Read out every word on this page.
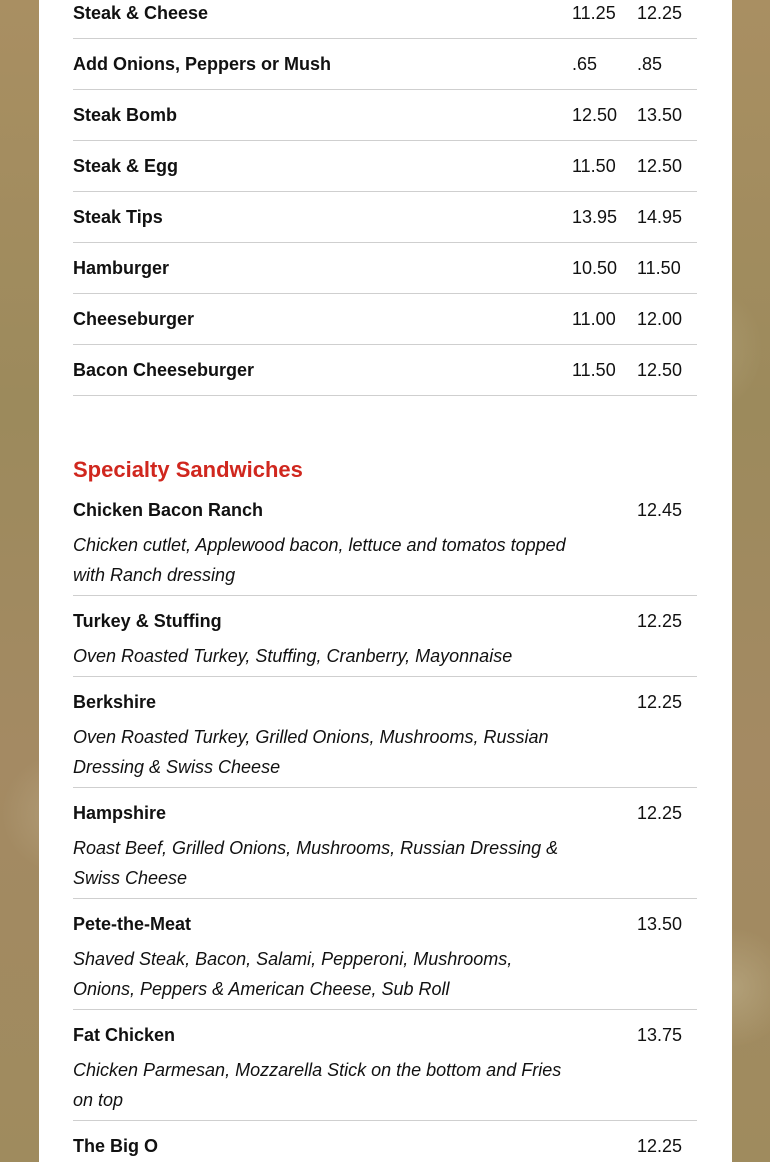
Steak & Cheese	11.25 12.25
Add Onions, Peppers or Mush	.65 .85
Steak Bomb	12.50 13.50
Steak & Egg	11.50 12.50
Steak Tips	13.95 14.95
Hamburger	10.50 11.50
Cheeseburger	11.00 12.00
Bacon Cheeseburger	11.50 12.50
Specialty Sandwiches
Chicken Bacon Ranch	12.45

Chicken cutlet, Applewood bacon, lettuce and tomatos topped with Ranch dressing

Turkey & Stuffing	12.25

Oven Roasted Turkey, Stuffing, Cranberry, Mayonnaise

Berkshire	12.25

Oven Roasted Turkey, Grilled Onions, Mushrooms, Russian Dressing & Swiss Cheese

Hampshire	12.25

Roast Beef, Grilled Onions, Mushrooms, Russian Dressing & Swiss Cheese

Pete-the-Meat	13.50

Shaved Steak, Bacon, Salami, Pepperoni, Mushrooms, Onions, Peppers & American Cheese, Sub Roll

Fat Chicken	13.75

Chicken Parmesan, Mozzarella Stick on the bottom and Fries on top

The Big O	12.25
